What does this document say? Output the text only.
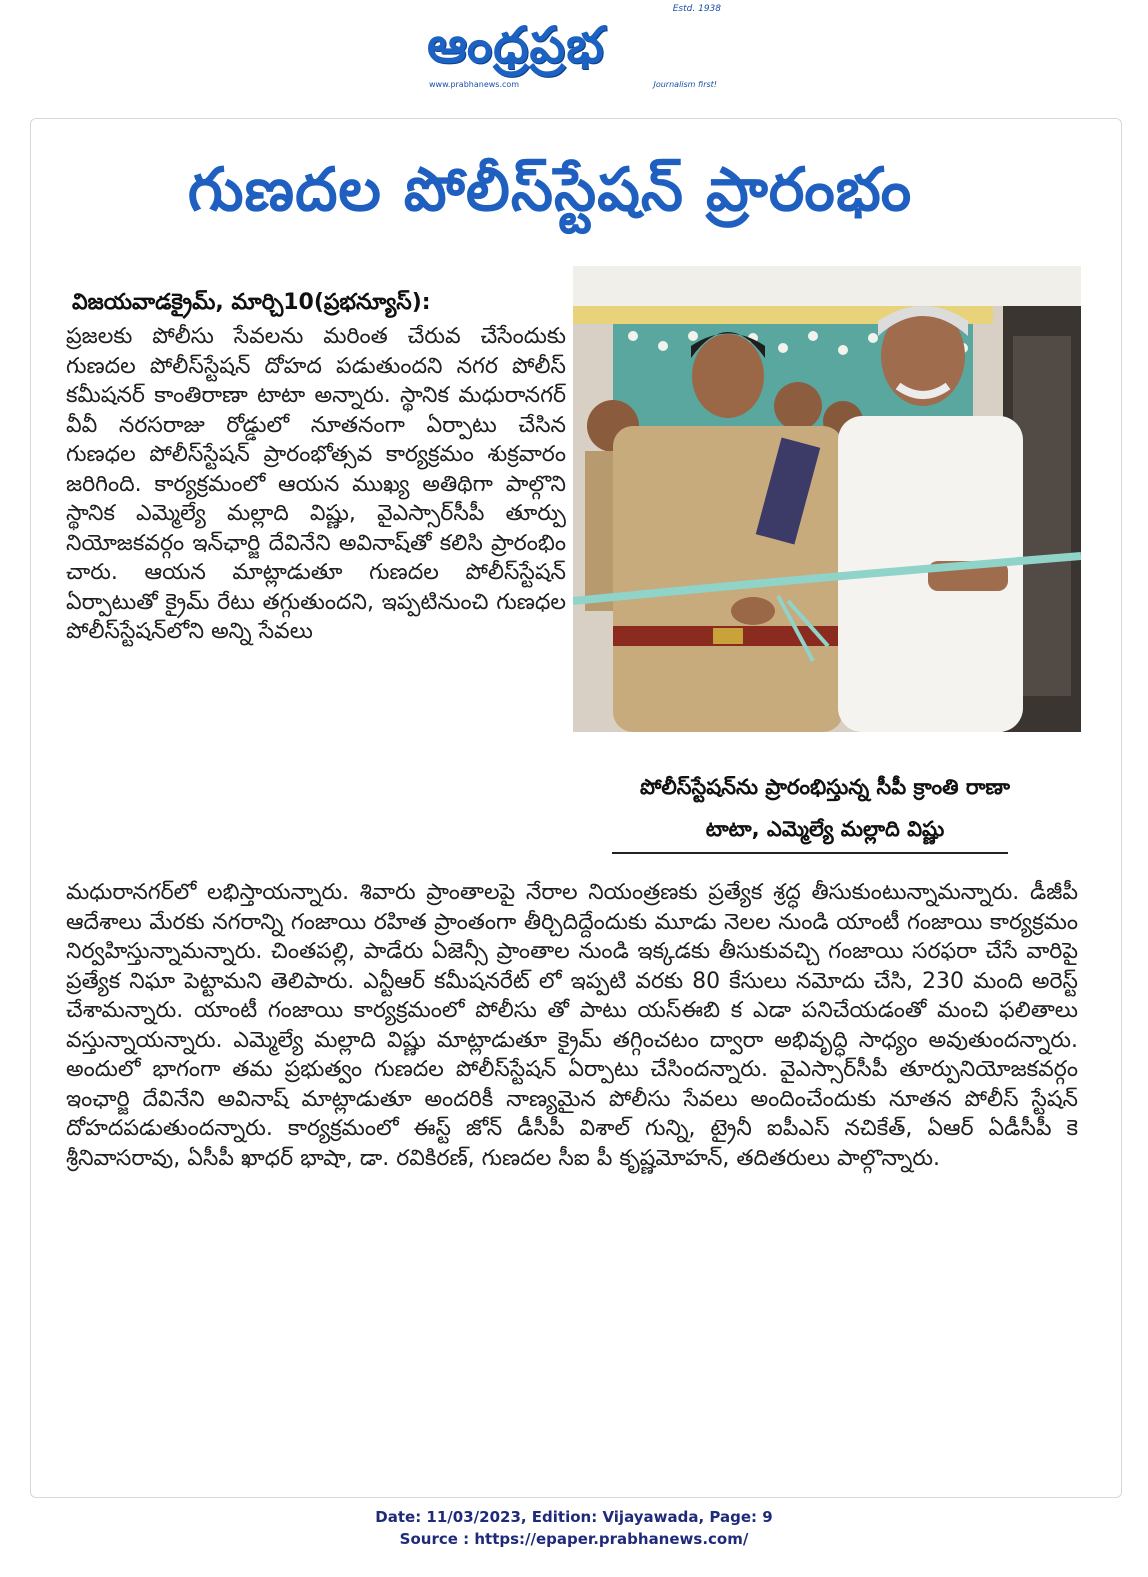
Estd. 1938
ఆంధ్రప్రభ
www.prabhanews.com	Journalism first!
గుణదల పోలీస్‌స్టేషన్ ప్రారంభం
విజయవాడక్రైమ్, మార్చి10(ప్రభన్యూస్):

ప్రజలకు పోలీసు సేవలను మరింత చేరువ చేసేందుకు గుణదల పోలీస్‌స్టేషన్ దోహద పడుతుందని నగర పోలీస్ కమీషనర్ కాంతిరాణా టాటా అన్నారు. స్థానిక మధురానగర్ వీవీ నరసరాజు రోడ్డులో నూతనంగా ఏర్పాటు చేసిన గుణధల పోలీస్‌స్టేషన్ ప్రారంభోత్సవ కార్యక్రమం శుక్రవారం జరిగింది. కార్యక్రమంలో ఆయన ముఖ్య అతిథిగా పాల్గొని స్థానిక ఎమ్మెల్యే మల్లాది విష్ణు, వైఎస్సార్‌సీపీ తూర్పు నియోజకవర్గం ఇన్‌ఛార్జి దేవినేని అవినాష్‌తో కలిసి ప్రారంభిం చారు. ఆయన మాట్లాడుతూ గుణదల పోలీస్‌స్టేషన్ ఏర్పాటుతో క్రైమ్ రేటు తగ్గుతుందని, ఇప్పటినుంచి గుణధల పోలీస్‌స్టేషన్‌లోని అన్ని సేవలు

పోలీస్‌స్టేషన్‌ను ప్రారంభిస్తున్న సీపీ క్రాంతి రాణా
టాటా, ఎమ్మెల్యే మల్లాది విష్ణు

మధురానగర్‌లో లభిస్తాయన్నారు. శివారు ప్రాంతాలపై నేరాల నియంత్రణకు ప్రత్యేక శ్రద్ధ తీసుకుంటున్నామన్నారు. డీజీపీ ఆదేశాలు మేరకు నగరాన్ని గంజాయి రహిత ప్రాంతంగా తీర్చిదిద్దేందుకు మూడు నెలల నుండి యాంటీ గంజాయి కార్యక్రమం నిర్వహిస్తున్నామన్నారు. చింతపల్లి, పాడేరు ఏజెన్సీ ప్రాంతాల నుండి ఇక్కడకు తీసుకువచ్చి గంజాయి సరఫరా చేసే వారిపై ప్రత్యేక నిఘా పెట్టామని తెలిపారు. ఎన్టీఆర్ కమీషనరేట్ లో ఇప్పటి వరకు 80 కేసులు నమోదు చేసి, 230 మంది అరెస్ట్ చేశామన్నారు. యాంటీ గంజాయి కార్యక్రమంలో పోలీసు తో పాటు యస్ఈబి క ఎడా పనిచేయడంతో మంచి ఫలితాలు వస్తున్నాయన్నారు. ఎమ్మెల్యే మల్లాది విష్ణు మాట్లాడుతూ క్రైమ్ తగ్గించటం ద్వారా అభివృద్ధి సాధ్యం అవుతుందన్నారు. అందులో భాగంగా తమ ప్రభుత్వం గుణదల పోలీస్‌స్టేషన్ ఏర్పాటు చేసిందన్నారు. వైఎస్సార్‌సీపీ తూర్పునియోజకవర్గం ఇంఛార్జి దేవినేని అవినాష్ మాట్లాడుతూ అందరికీ నాణ్యమైన పోలీసు సేవలు అందించేందుకు నూతన పోలీస్ స్టేషన్ దోహదపడుతుందన్నారు. కార్యక్రమంలో ఈస్ట్ జోన్ డీసీపీ విశాల్ గున్ని, ట్రైనీ ఐపీఎస్ నచికేత్, ఏఆర్ ఏడీసీపీ కె శ్రీనివాసరావు, ఏసీపీ ఖాధర్ భాషా, డా. రవికిరణ్, గుణదల సీఐ పీ కృష్ణమోహన్, తదితరులు పాల్గొన్నారు.

Date: 11/03/2023, Edition: Vijayawada, Page: 9
Source : https://epaper.prabhanews.com/
